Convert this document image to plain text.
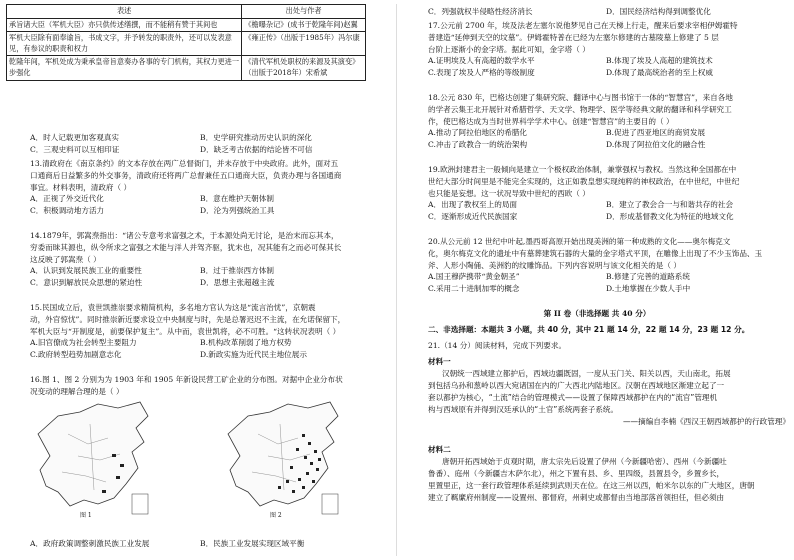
表述	出处与作者
承旨诸大臣（军机大臣）亦只供传述缮撰，而不能稍有赞于其间也	《檐曝杂记》(成书于乾隆年间)赵翼
军机大臣除有面奉谕旨，书成文字，并予转发的职责外，还可以发表意见，有参议的职责和权力	《雍正传》（出版于1985年）冯尔康
乾隆年间，军机处成为秉承皇帝旨意奏办各事的专门机构，其权力更进一步强化	《清代军机处职权的来源及其演变》（出版于2018年）宋希斌
A．时人记载更加客观真实	B．史学研究推动历史认识的深化
C．三观史料可以互相印证	D．缺乏考古依据的结论皆不可信
13.清政府在《南京条约》的文本存放在两广总督衙门，并未存放于中央政府。此外，面对五
口通商后日益繁多的外交事务，清政府还将两广总督兼任五口通商大臣，负责办理与各国通商
事宜。材料表明，清政府（ ）
A．正视了外交近代化	B．意在维护天朝体制
C．积极调动地方活力	D．沦为列强统治工具
14.1879年，郭嵩焘指出：“诸公专意考求富强之术，于本源处尚无讨论，是治末而忘其本，
穷委而昧其源也，纵令所求之富强之术能与洋人并驾齐驱，犹未也，况其能有之而必可保其长
这反映了郭嵩焘（ ）
A．认识到发展民族工业的重要性	B．过于推崇西方体制
C．意识到解放民众思想的紧迫性	D．思想主张超越主流
15.民国成立后，袁世凯推崇要求精简机构，多名地方官认为这是“流言治忧”，京朝震
动，外官惊忧”。同时推崇新近要求设立中央制度与时，先是总署迟迟不主流，在允诺保留下，
军机大臣与“开制度是，前要保护复主”。从中而，袁世凯将，必不可胜。“这转状况表明（ ）
A.旧官僚成为社会转型主要阻力	B.机构改革削弱了地方权势
C.政府转型趋势加剧意志化	D.新政实施为近代民主地位展示
16.图 1、图 2 分别为为 1903 年和 1905 年新设民营工矿企业的分布图。对据中企业分布状
况变动的理解合理的是（ ）
图 1	图 2
A．政府政策调整刺激民族工业发展	B．民族工业发展实现区域平衡
C．列强就权半侵略性经济消长	D．国民经济结构得到调整优化
17.公元前 2700 年，埃及法老左塞尔说他梦见自己在天梯上行走，醒来后要求宰相伊姆霍特
普建造“延伸到天空的坟墓”。伊姆霍特普在已经为左塞尔修建的古墓陵墓上修建了 5 层
台阶上逐渐小的金字塔。据此可知，金字塔（ ）
A.证明埃及人有高超的数学水平	B.体现了埃及人高超的建筑技术
C.表现了埃及人严格的等级制度	D.体现了最高统治者的至上权威
18.公元 830 年，巴格达创建了集研究院、翻译中心与图书馆于一体的“智慧宫”，来自各地
的学者云集王北开展针对希腊哲学、天文学、物理学、医学等经典文献的翻译和科学研究工
作，使巴格达成为当时世界科学学术中心。创建“智慧宫”的主要目的（ ）
A.推动了阿拉伯地区的希腊化	B.促进了西亚地区的商贸发展
C.冲击了政教合一的统治架构	D.体现了阿拉伯文化的融合性
19.欧洲封建君主一般倾向是建立一个极权政治体制，兼掌强权与教权。当然这种全国都在中
世纪大部分时间里是不能完全实现的，这正如教皇想实现纯粹的神权政治，在中世纪，中世纪
也只能是妄想。这一状况导致中世纪的西欧（ ）
A．出现了教权至上的局面	B．建立了教会合一与和谐共存的社会
C．逐渐形成近代民族国家	D．形成基督教文化为特征的地域文化
20.从公元前 12 世纪中叶起,墨西哥高原开始出现美洲的第一种成熟的文化——奥尔梅克文
化，奥尔梅克文化的遗址中有墓葬建筑石器的大量的金字塔式平顶，在雕像上出现了不少玉饰品、玉
斧、人形小陶俑、美洲豹的纹雕饰品。下列内容说明与该文化相关的是（ ）
A.国王穆萨携带“黄金朝圣”	B.修建了完善的道路系统
C.采用二十进制加零的概念	D.土地掌握在少数人手中
第 II 卷（非选择题 共 40 分）
二、非选择题：本题共 3 小题，共 40 分，其中 21 题 14 分，22 题 14 分，23 题 12 分。
21.（14 分）阅读材料，完成下列要求。
材料一
汉朝统一西域建立都护后，西域边疆既固，一度从玉门关、阳关以西，天山南北，拓展
到包括乌孙和葱岭以西大宛诸国在内的广大西北内陆地区。汉朝在西域地区渐建立起了一
套以都护为核心，“土流”结合的管理模式——设置了保障西域都护在内的“流官”管理机
构与西域原有并得到汉廷承认的“土官”系统两套子系统。
——摘编自李楠《西汉王朝西域都护的行政管理》
材料二
唐朝开拓西域始于贞观时期，唐太宗先后设置了伊州（今新疆哈密）、西州（今新疆吐
鲁番）、庭州（今新疆吉木萨尔北），州之下置有县、乡、里四级，县置县令，乡置乡长，
里置里正，这一套行政管理体系延续到武则天在位。在这三州以西，帕米尔以东的广大地区，唐朝
建立了羁縻府州制度——设置州、都督府，州刺史或都督由当地部落首领担任，但必须由
